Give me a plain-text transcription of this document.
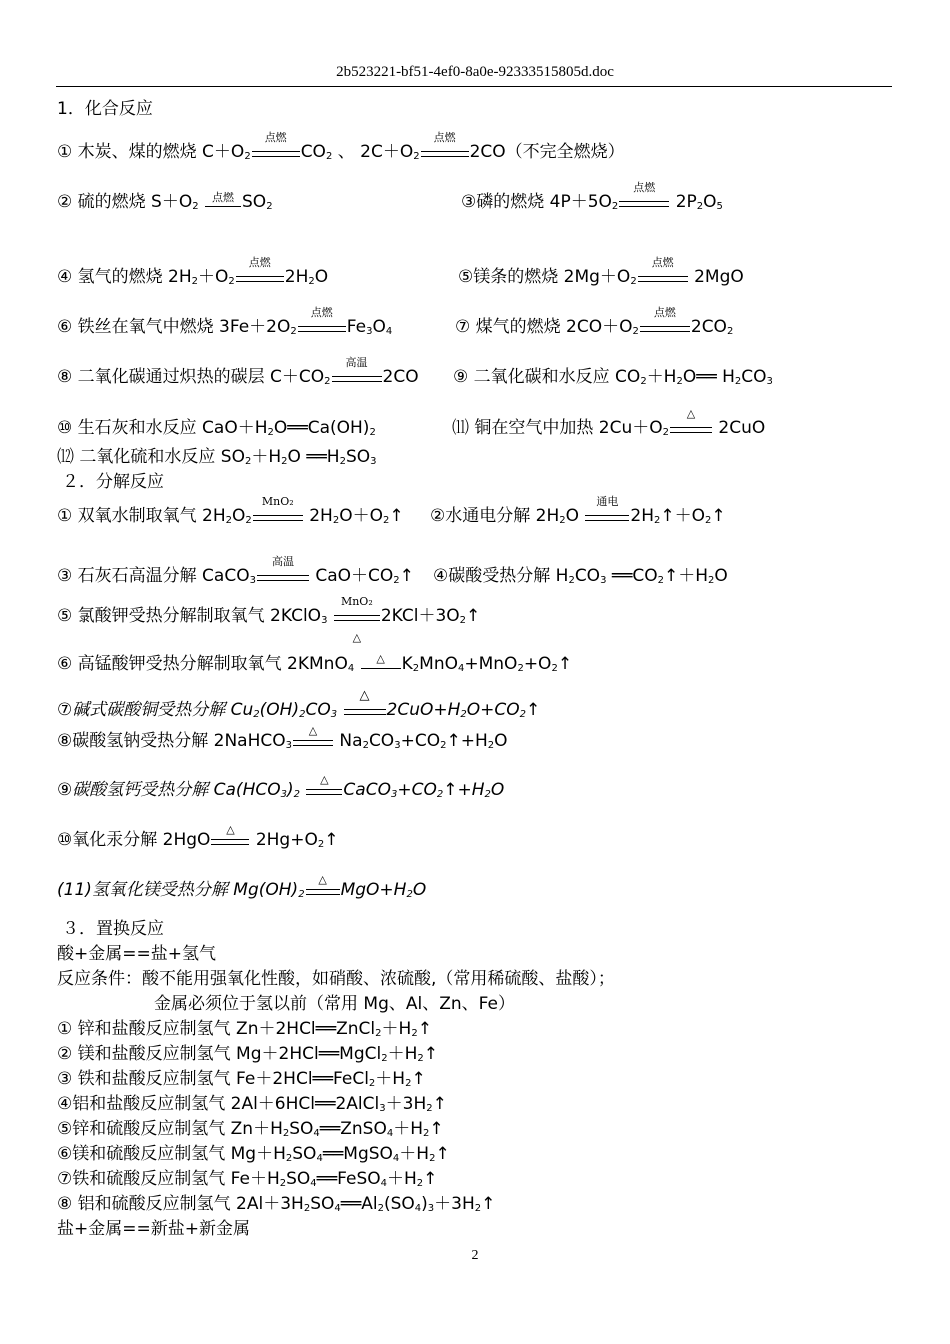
2b523221-bf51-4ef0-8a0e-92333515805d.doc
1．化合反应
① 木炭、煤的燃烧 $C+O_2$
点燃
$CO_2$ 、 $2C+O_2$
点燃
2CO（不完全燃烧）
② 硫的燃烧 $S+O_2$
点燃 $SO_2$	③磷的燃烧 $4P+5O_2$
点燃
$2P_2O_5$
④ 氢气的燃烧 $2H_2+O_2$
点燃
$2H_2O$	⑤镁条的燃烧 $2Mg+O_2$
点燃
2MgO
⑥ 铁丝在氧气中燃烧 $3Fe+2O_2$
点燃
$Fe_3O_4$	⑦ 煤气的燃烧 $2CO+O_2$
点燃
$2CO_2$
⑧ 二氧化碳通过炽热的碳层 $C+CO_2$
高温
2CO ⑨ 二氧化碳和水反应 $CO_2+H_2O══$ $H_2CO_3$
⑩ 生石灰和水反应 $CaO+H_2O══Ca(OH)_2$	⑾ 铜在空气中加热 $2Cu+O_2$
△
2CuO
⑿ 二氧化硫和水反应 $SO_2+H_2O$ $══H_2SO_3$
２．分解反应
① 双氧水制取氧气 $2H_2O_2$
MnO₂
$2H_2O+O_2↑$ ②水通电分解 $2H_2O$
通电
$2H_2↑+O_2↑$
③ 石灰石高温分解 CaCO$_3$
高温
$CaO+CO_2↑$ ④碳酸受热分解 $H_2CO_3$ $══CO_2↑+H_2O$
⑤ 氯酸钾受热分解制取氧气 2KClO$_3$
MnO₂
△
$2KCl+3O_2↑$
⑥ 高锰酸钾受热分解制取氧气 2KMnO$_4$
△ $K_2MnO_4+MnO_2+O_2↑$
⑦碱式碳酸铜受热分解 $Cu_2(OH)_2CO_3$
△
$2CuO+H_2O+CO_2↑$
⑧碳酸氢钠受热分解 2NaHCO$_3$
△
$Na_2CO_3+CO_2↑+H_2O$
⑨碳酸氢钙受热分解 $Ca(HCO_3)_2$
△
$CaCO_3+CO_2↑+H_2O$
⑩氧化汞分解 2HgO
△
$2Hg+O_2↑$
(11)氢氧化镁受热分解 $Mg(OH)_2$
△
$MgO+H_2O$
３．置换反应
酸+金属==盐+氢气
反应条件：酸不能用强氧化性酸，如硝酸、浓硫酸,（常用稀硫酸、盐酸）；
金属必须位于氢以前（常用 Mg、Al、Zn、Fe）
① 锌和盐酸反应制氢气 $Zn+2HCl══ZnCl_2+H_2↑$
② 镁和盐酸反应制氢气 $Mg+2HCl══MgCl_2+H_2↑$
③ 铁和盐酸反应制氢气 $Fe+2HCl══FeCl_2+H_2↑$
④铝和盐酸反应制氢气 $2Al+6HCl══2AlCl_3+3H_2↑$
⑤锌和硫酸反应制氢气 $Zn+H_2SO_4══ZnSO_4+H_2↑$
⑥镁和硫酸反应制氢气 $Mg+H_2SO_4══MgSO_4+H_2↑$
⑦铁和硫酸反应制氢气 $Fe+H_2SO_4══FeSO_4+H_2↑$
⑧ 铝和硫酸反应制氢气 $2Al+3H_2SO_4══Al_2(SO_4)_3+3H_2↑$
盐+金属==新盐+新金属
2
